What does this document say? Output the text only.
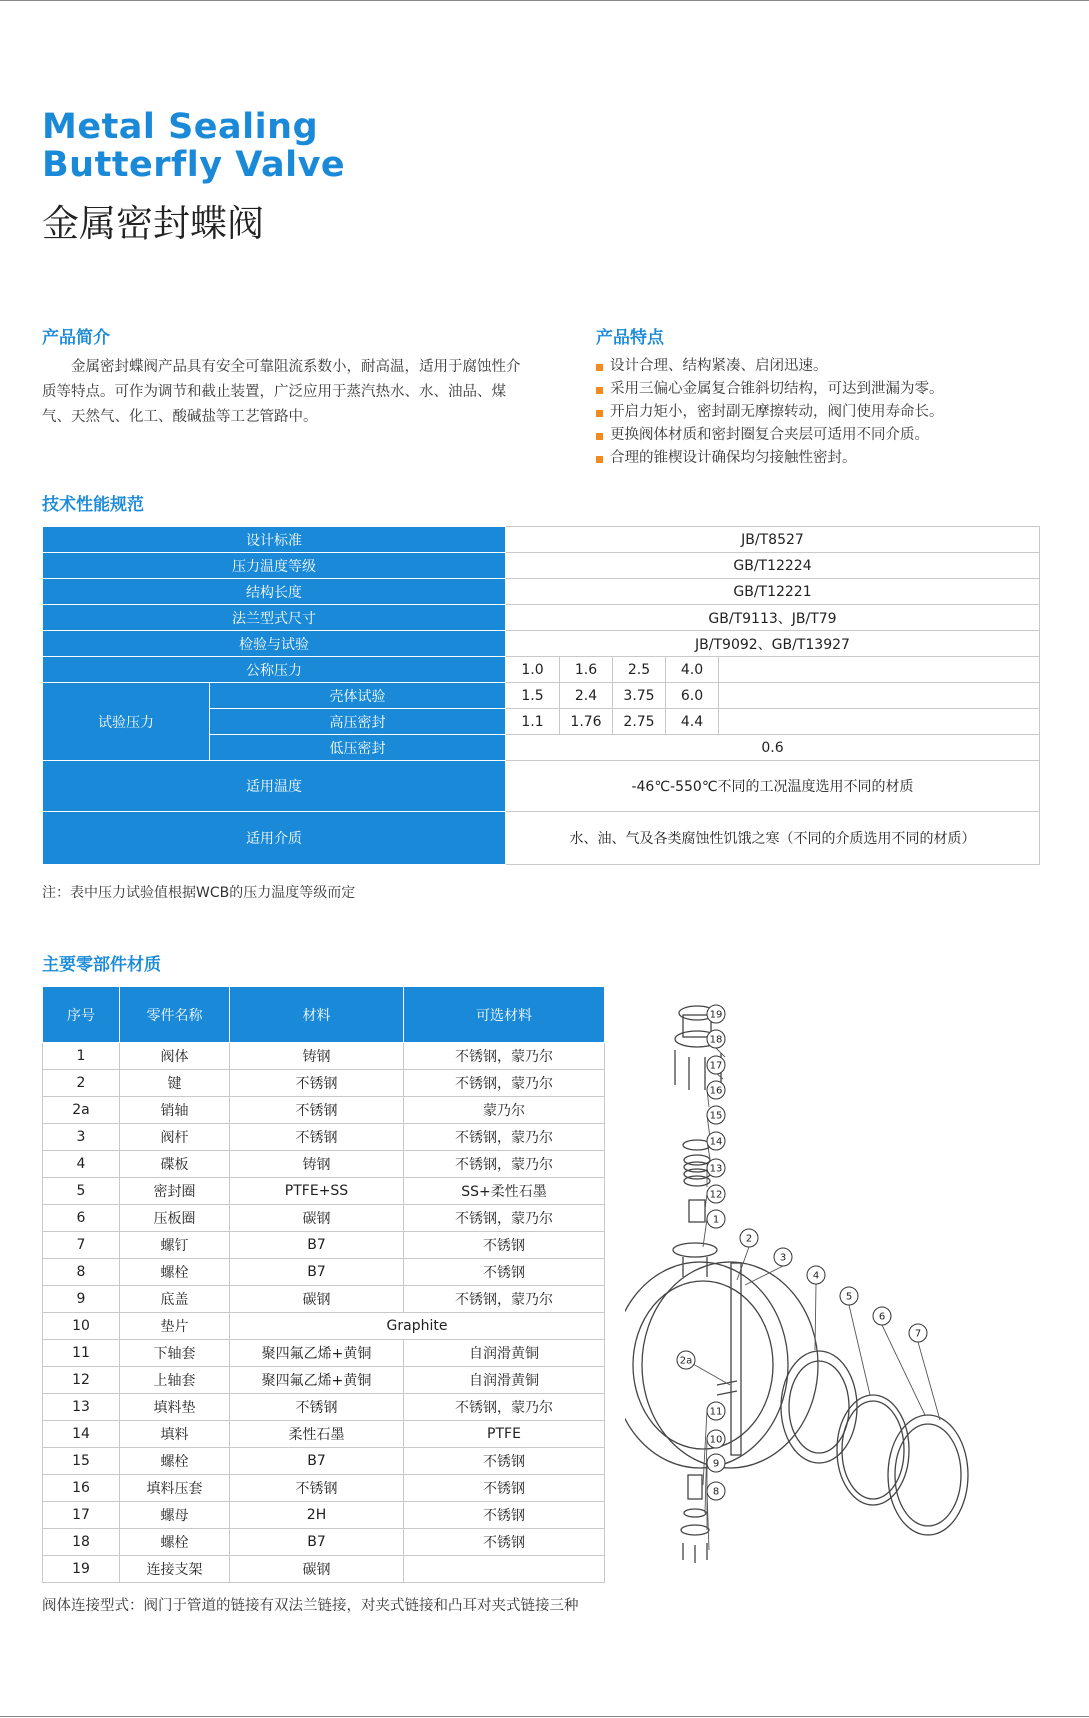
Metal Sealing
Butterfly Valve
金属密封蝶阀
产品简介
金属密封蝶阀产品具有安全可靠阻流系数小，耐高温，适用于腐蚀性介质等特点。可作为调节和截止装置，广泛应用于蒸汽热水、水、油品、煤气、天然气、化工、酸碱盐等工艺管路中。
产品特点
设计合理、结构紧凑、启闭迅速。
采用三偏心金属复合锥斜切结构，可达到泄漏为零。
开启力矩小，密封副无摩擦转动，阀门使用寿命长。
更换阀体材质和密封圈复合夹层可适用不同介质。
合理的锥楔设计确保均匀接触性密封。
技术性能规范
设计标准		JB/T8527				
压力温度等级		GB/T12224				
结构长度		GB/T12221				
法兰型式尺寸		GB/T9113、JB/T79				
检验与试验		JB/T9092、GB/T13927				
公称压力		1.0	1.6	2.5	4.0	
试验压力	壳体试验	1.5	2.4	3.75	6.0	
	高压密封	1.1	1.76	2.75	4.4	
	低压密封	0.6				
适用温度		-46℃-550℃不同的工况温度选用不同的材质				
适用介质		水、油、气及各类腐蚀性饥饿之寒（不同的介质选用不同的材质）				
注：表中压力试验值根据WCB的压力温度等级而定
主要零部件材质
序号	零件名称	材料	可选材料
1	阀体	铸钢	不锈钢，蒙乃尔
2	键	不锈钢	不锈钢，蒙乃尔
2a	销轴	不锈钢	蒙乃尔
3	阀杆	不锈钢	不锈钢，蒙乃尔
4	碟板	铸钢	不锈钢，蒙乃尔
5	密封圈	PTFE+SS	SS+柔性石墨
6	压板圈	碳钢	不锈钢，蒙乃尔
7	螺钉	B7	不锈钢
8	螺栓	B7	不锈钢
9	底盖	碳钢	不锈钢，蒙乃尔
10	垫片	Graphite	
11	下轴套	聚四氟乙烯+黄铜	自润滑黄铜
12	上轴套	聚四氟乙烯+黄铜	自润滑黄铜
13	填料垫	不锈钢	不锈钢，蒙乃尔
14	填料	柔性石墨	PTFE
15	螺栓	B7	不锈钢
16	填料压套	不锈钢	不锈钢
17	螺母	2H	不锈钢
18	螺栓	B7	不锈钢
19	连接支架	碳钢	
19
18
17
16
15
14
13
12
1
2
3
4
5
6
7
2a
11
10
9
8
阀体连接型式：阀门于管道的链接有双法兰链接，对夹式链接和凸耳对夹式链接三种
